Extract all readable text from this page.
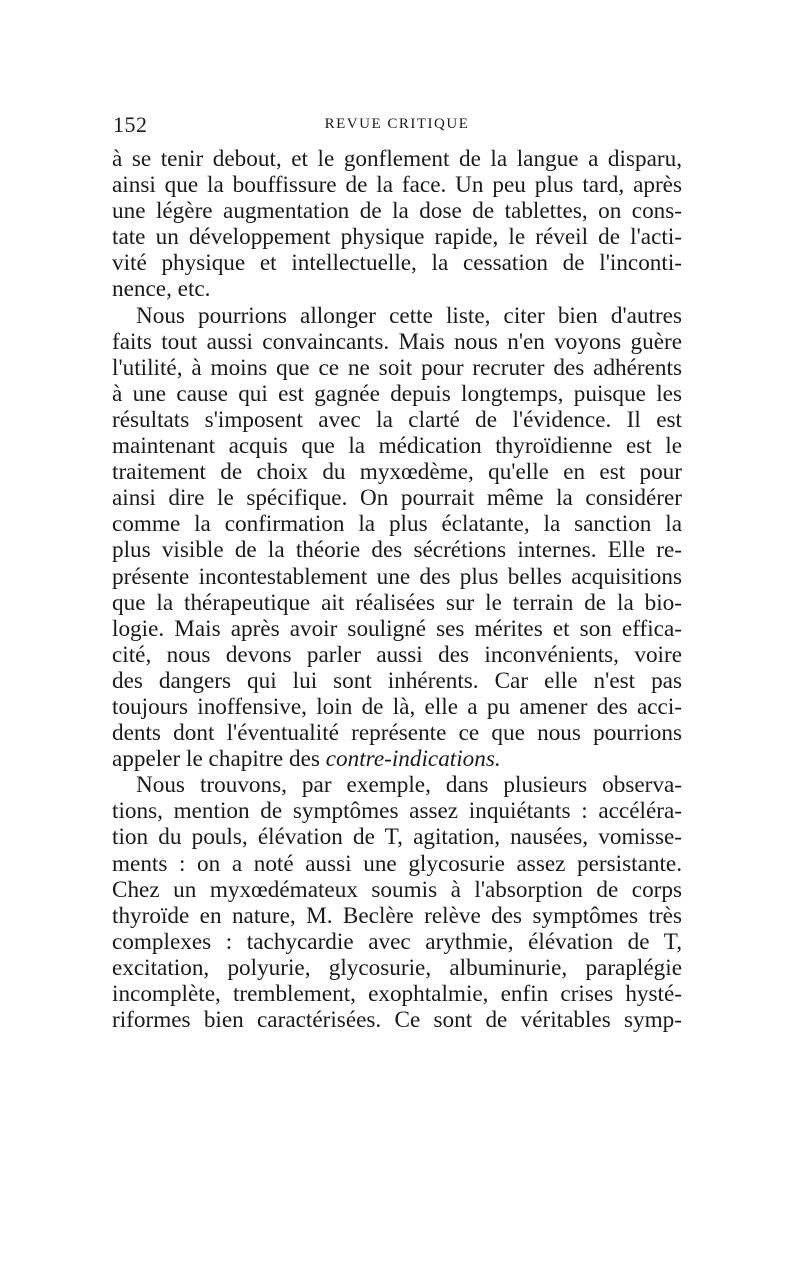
152	REVUE CRITIQUE
à se tenir debout, et le gonflement de la langue a disparu,
ainsi que la bouffissure de la face. Un peu plus tard, après
une légère augmentation de la dose de tablettes, on cons-
tate un développement physique rapide, le réveil de l'acti-
vité physique et intellectuelle, la cessation de l'inconti-
nence, etc.
Nous pourrions allonger cette liste, citer bien d'autres
faits tout aussi convaincants. Mais nous n'en voyons guère
l'utilité, à moins que ce ne soit pour recruter des adhérents
à une cause qui est gagnée depuis longtemps, puisque les
résultats s'imposent avec la clarté de l'évidence. Il est
maintenant acquis que la médication thyroïdienne est le
traitement de choix du myxœdème, qu'elle en est pour
ainsi dire le spécifique. On pourrait même la considérer
comme la confirmation la plus éclatante, la sanction la
plus visible de la théorie des sécrétions internes. Elle re-
présente incontestablement une des plus belles acquisitions
que la thérapeutique ait réalisées sur le terrain de la bio-
logie. Mais après avoir souligné ses mérites et son effica-
cité, nous devons parler aussi des inconvénients, voire
des dangers qui lui sont inhérents. Car elle n'est pas
toujours inoffensive, loin de là, elle a pu amener des acci-
dents dont l'éventualité représente ce que nous pourrions
appeler le chapitre des contre-indications.
Nous trouvons, par exemple, dans plusieurs observa-
tions, mention de symptômes assez inquiétants : accéléra-
tion du pouls, élévation de T, agitation, nausées, vomisse-
ments : on a noté aussi une glycosurie assez persistante.
Chez un myxœdémateux soumis à l'absorption de corps
thyroïde en nature, M. Beclère relève des symptômes très
complexes : tachycardie avec arythmie, élévation de T,
excitation, polyurie, glycosurie, albuminurie, paraplégie
incomplète, tremblement, exophtalmie, enfin crises hysté-
riformes bien caractérisées. Ce sont de véritables symp-
